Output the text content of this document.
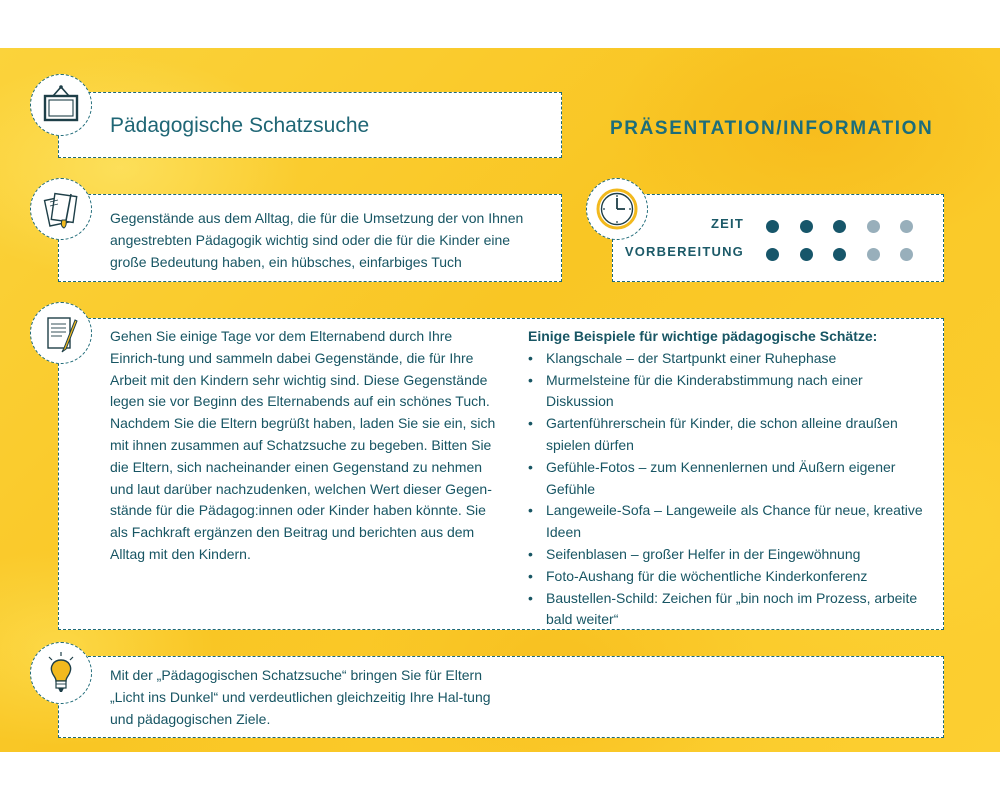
Pädagogische Schatzsuche	PRÄSENTATION/INFORMATION
Gegenstände aus dem Alltag, die für die Umsetzung der von Ihnen angestrebten Pädagogik wichtig sind oder die für die Kinder eine große Bedeutung haben, ein hübsches, einfarbiges Tuch
ZEIT
VORBEREITUNG

Gehen Sie einige Tage vor dem Elternabend durch Ihre Einrich-tung und sammeln dabei Gegenstände, die für Ihre Arbeit mit den Kindern sehr wichtig sind. Diese Gegenstände legen sie vor Beginn des Elternabends auf ein schönes Tuch.

Nachdem Sie die Eltern begrüßt haben, laden Sie sie ein, sich mit ihnen zusammen auf Schatzsuche zu begeben. Bitten Sie die Eltern, sich nacheinander einen Gegenstand zu nehmen und laut darüber nachzudenken, welchen Wert dieser Gegen-stände für die Pädagog:innen oder Kinder haben könnte. Sie als Fachkraft ergänzen den Beitrag und berichten aus dem Alltag mit den Kindern.

Einige Beispiele für wichtige pädagogische Schätze:

• Klangschale – der Startpunkt einer Ruhephase
• Murmelsteine für die Kinderabstimmung nach einer Diskussion
• Gartenführerschein für Kinder, die schon alleine draußen spielen dürfen
• Gefühle-Fotos – zum Kennenlernen und Äußern eigener Gefühle
• Langeweile-Sofa – Langeweile als Chance für neue, kreative Ideen
• Seifenblasen – großer Helfer in der Eingewöhnung
• Foto-Aushang für die wöchentliche Kinderkonferenz
• Baustellen-Schild: Zeichen für „bin noch im Prozess, arbeite bald weiter“
Mit der „Pädagogischen Schatzsuche“ bringen Sie für Eltern „Licht ins Dunkel“ und verdeutlichen gleichzeitig Ihre Hal-tung und pädagogischen Ziele.
